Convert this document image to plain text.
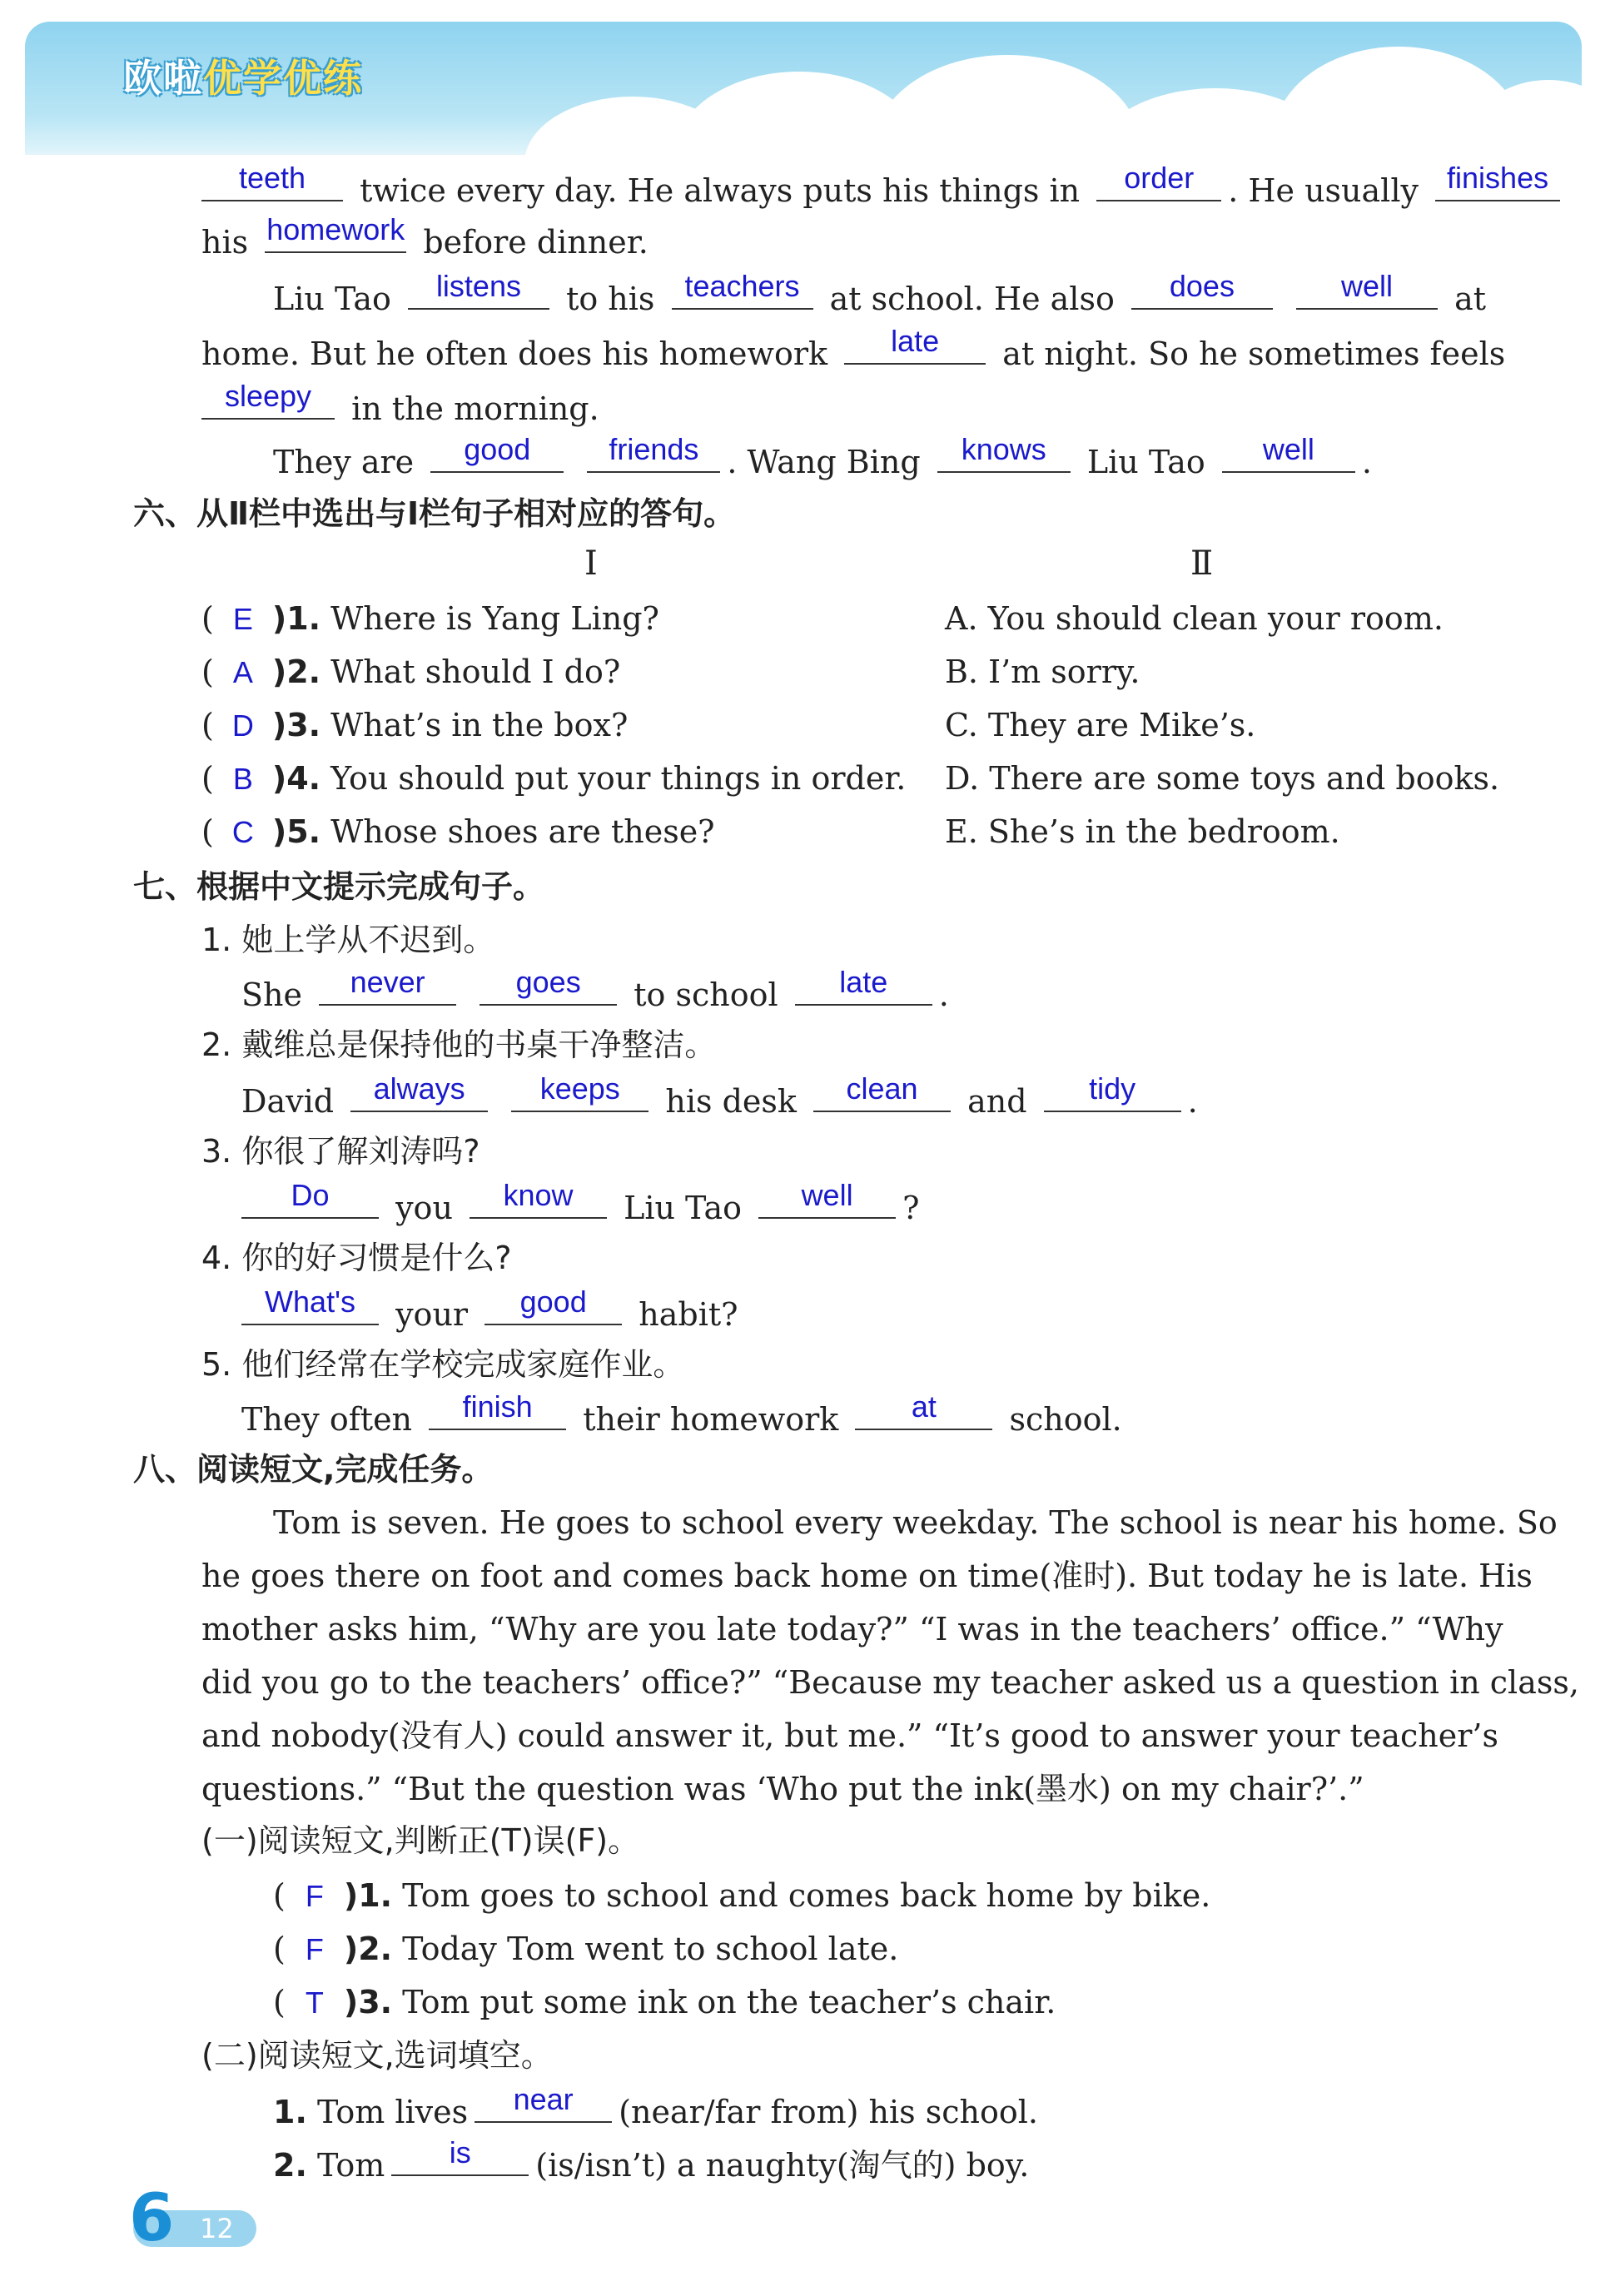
欧啦优学优练
teeth	twice every day. He always puts his things in	order	. He usually finishes
his homework before dinner.
Liu Tao	listens	to his	teachers at school. He also	does
	well	at
home. But he often does his homework	late	at night. So he sometimes feels
sleepy	in the morning.
They are	good
	friends . Wang Bing	knows	Liu Tao	well	.
六、从Ⅱ栏中选出与Ⅰ栏句子相对应的答句。
Ⅰ	Ⅱ
( E )1. Where is Yang Ling?	A. You should clean your room.
( A )2. What should I do?	B. I’m sorry.
( D )3. What’s in the box?	C. They are Mike’s.
( B )4. You should put your things in order. D. There are some toys and books.
( C )5. Whose shoes are these?	E. She’s in the bedroom.
七、根据中文提示完成句子。
1. 她上学从不迟到。
She	never
	goes	to school	late	.
2. 戴维总是保持他的书桌干净整洁。
David	always
	keeps	his desk	clean	and	tidy	.
3. 你很了解刘涛吗?
Do	you	know	Liu Tao	well	?
4. 你的好习惯是什么?
What's	your	good	habit?
5. 他们经常在学校完成家庭作业。
They often	finish	their homework	at	school.
八、阅读短文,完成任务。
Tom is seven. He goes to school every weekday. The school is near his home. So
he goes there on foot and comes back home on time(准时). But today he is late. His
mother asks him, “Why are you late today?” “I was in the teachers’ office.” “Why
did you go to the teachers’ office?” “Because my teacher asked us a question in class,
and nobody(没有人) could answer it, but me.” “It’s good to answer your teacher’s
questions.” “But the question was ‘Who put the ink(墨水) on my chair?’.”
(一)阅读短文,判断正(T)误(F)。
( F )1. Tom goes to school and comes back home by bike.
( F )2. Today Tom went to school late.
( T )3. Tom put some ink on the teacher’s chair.
(二)阅读短文,选词填空。
1. Tom lives	near	(near/far from) his school.
2. Tom	is	(is/isn’t) a naughty(淘气的) boy.
12
6
